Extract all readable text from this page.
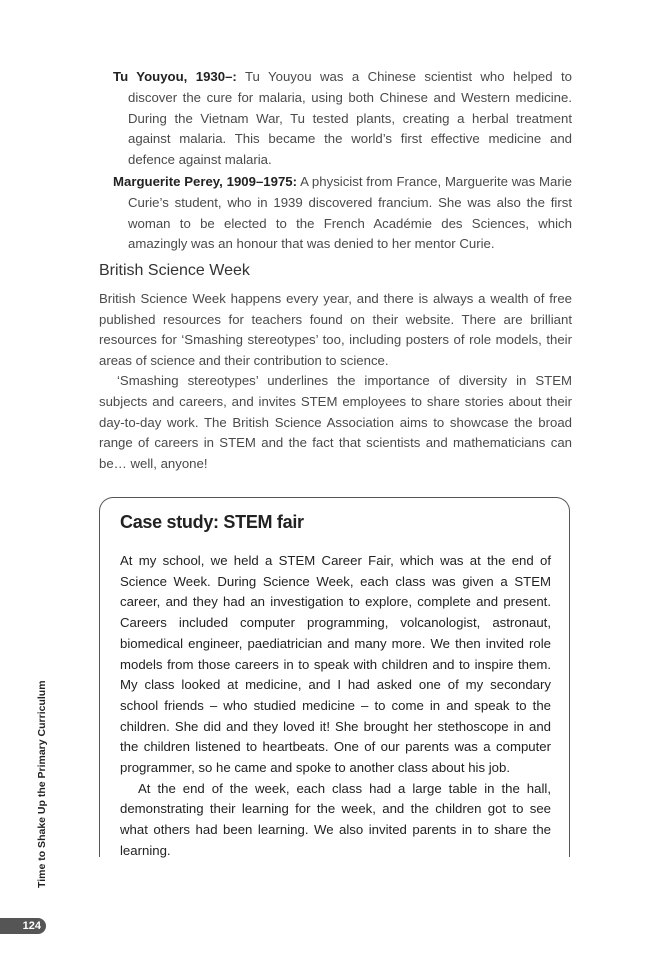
Tu Youyou, 1930–: Tu Youyou was a Chinese scientist who helped to discover the cure for malaria, using both Chinese and Western medicine. During the Vietnam War, Tu tested plants, creating a herbal treatment against malaria. This became the world’s first effective medicine and defence against malaria.

Marguerite Perey, 1909–1975: A physicist from France, Marguerite was Marie Curie’s student, who in 1939 discovered francium. She was also the first woman to be elected to the French Académie des Sciences, which amazingly was an honour that was denied to her mentor Curie.

British Science Week

British Science Week happens every year, and there is always a wealth of free published resources for teachers found on their website. There are brilliant resources for ‘Smashing stereotypes’ too, including posters of role models, their areas of science and their contribution to science.

‘Smashing stereotypes’ underlines the importance of diversity in STEM subjects and careers, and invites STEM employees to share stories about their day-to-day work. The British Science Association aims to showcase the broad range of careers in STEM and the fact that scientists and mathematicians can be… well, anyone!

Case study: STEM fair

At my school, we held a STEM Career Fair, which was at the end of Science Week. During Science Week, each class was given a STEM career, and they had an investigation to explore, complete and present. Careers included computer programming, volcanologist, astronaut, biomedical engineer, paediatrician and many more. We then invited role models from those careers in to speak with children and to inspire them. My class looked at medicine, and I had asked one of my secondary school friends – who studied medicine – to come in and speak to the children. She did and they loved it! She brought her stethoscope in and the children listened to heartbeats. One of our parents was a computer programmer, so he came and spoke to another class about his job.

At the end of the week, each class had a large table in the hall, demonstrating their learning for the week, and the children got to see what others had been learning. We also invited parents in to share the learning.

Time to Shake Up the Primary Curriculum
124
